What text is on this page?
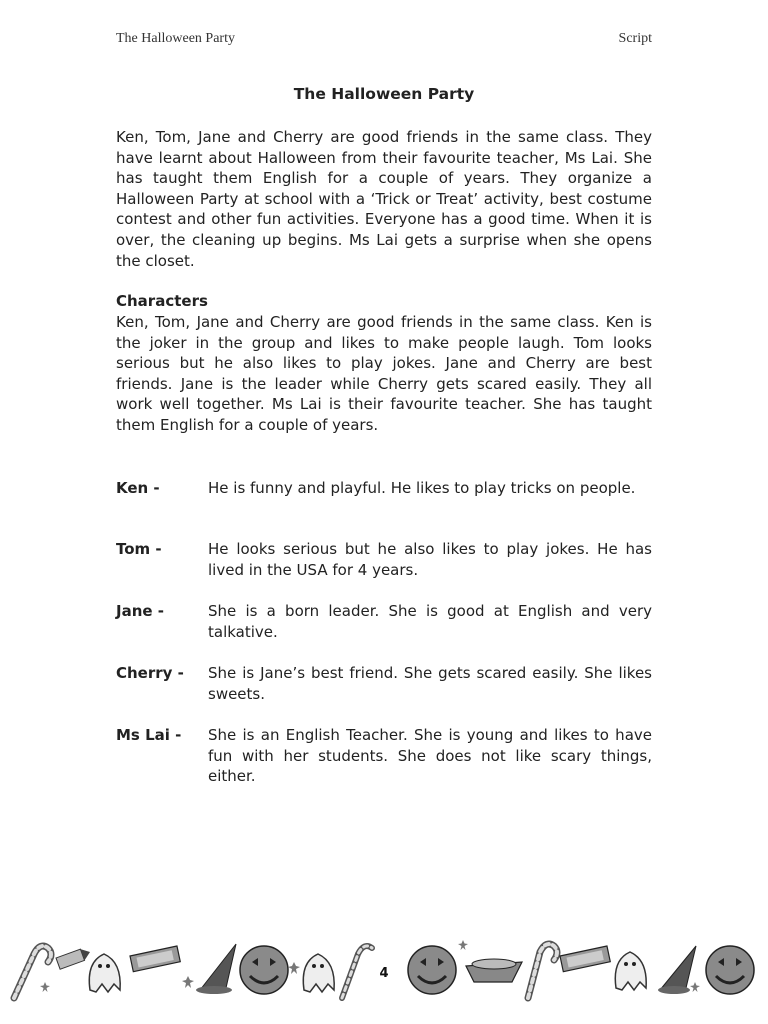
The Halloween Party	Script
The Halloween Party

Ken, Tom, Jane and Cherry are good friends in the same class. They have learnt about Halloween from their favourite teacher, Ms Lai. She has taught them English for a couple of years. They organize a Halloween Party at school with a ‘Trick or Treat’ activity, best costume contest and other fun activities. Everyone has a good time. When it is over, the cleaning up begins. Ms Lai gets a surprise when she opens the closet.

Characters

Ken, Tom, Jane and Cherry are good friends in the same class. Ken is the joker in the group and likes to make people laugh. Tom looks serious but he also likes to play jokes. Jane and Cherry are best friends. Jane is the leader while Cherry gets scared easily. They all work well together. Ms Lai is their favourite teacher. She has taught them English for a couple of years.

Ken -	He is funny and playful. He likes to play tricks on people.
Tom -	He looks serious but he also likes to play jokes. He has lived in the USA for 4 years.
Jane -	She is a born leader. She is good at English and very talkative.
Cherry -	She is Jane’s best friend. She gets scared easily. She likes sweets.
Ms Lai -	She is an English Teacher. She is young and likes to have fun with her students. She does not like scary things, either.
4
